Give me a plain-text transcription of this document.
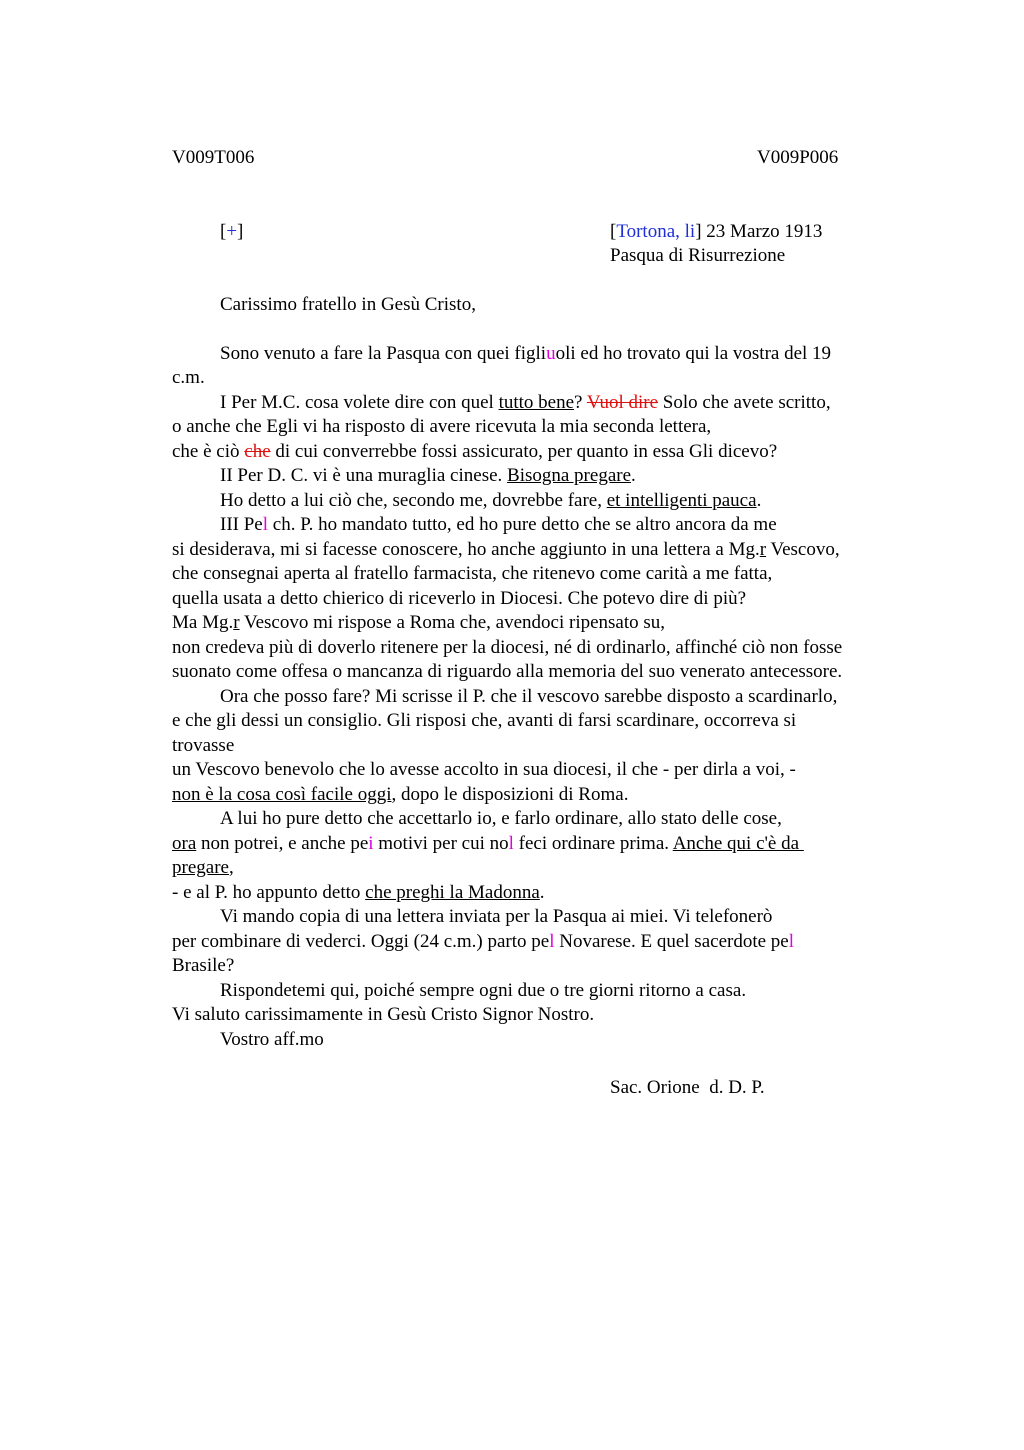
V009T006	V009P006
[+]	[Tortona, li] 23 Marzo 1913
Pasqua di Risurrezione
Carissimo fratello in Gesù Cristo,
Sono venuto a fare la Pasqua con quei figliuoli ed ho trovato qui la vostra del 19
c.m.
I Per M.C. cosa volete dire con quel tutto bene? Vuol dire Solo che avete scritto,
o anche che Egli vi ha risposto di avere ricevuta la mia seconda lettera,
che è ciò che di cui converrebbe fossi assicurato, per quanto in essa Gli dicevo?
II Per D. C. vi è una muraglia cinese. Bisogna pregare.
Ho detto a lui ciò che, secondo me, dovrebbe fare, et intelligenti pauca.
III Pel ch. P. ho mandato tutto, ed ho pure detto che se altro ancora da me
si desiderava, mi si facesse conoscere, ho anche aggiunto in una lettera a Mg.r Vescovo,
che consegnai aperta al fratello farmacista, che ritenevo come carità a me fatta,
quella usata a detto chierico di riceverlo in Diocesi. Che potevo dire di più?
Ma Mg.r Vescovo mi rispose a Roma che, avendoci ripensato su,
non credeva più di doverlo ritenere per la diocesi, né di ordinarlo, affinché ciò non fosse
suonato come offesa o mancanza di riguardo alla memoria del suo venerato antecessore.
Ora che posso fare? Mi scrisse il P. che il vescovo sarebbe disposto a scardinarlo,
e che gli dessi un consiglio. Gli risposi che, avanti di farsi scardinare, occorreva si
trovasse
un Vescovo benevolo che lo avesse accolto in sua diocesi, il che - per dirla a voi, -
non è la cosa così facile oggi, dopo le disposizioni di Roma.
A lui ho pure detto che accettarlo io, e farlo ordinare, allo stato delle cose,
ora non potrei, e anche pei motivi per cui nol feci ordinare prima. Anche qui c'è da
pregare,
- e al P. ho appunto detto che preghi la Madonna.
Vi mando copia di una lettera inviata per la Pasqua ai miei. Vi telefonerò
per combinare di vederci. Oggi (24 c.m.) parto pel Novarese. E quel sacerdote pel
Brasile?
Rispondetemi qui, poiché sempre ogni due o tre giorni ritorno a casa.
Vi saluto carissimamente in Gesù Cristo Signor Nostro.
Vostro aff.mo
Sac. Orione  d. D. P.
